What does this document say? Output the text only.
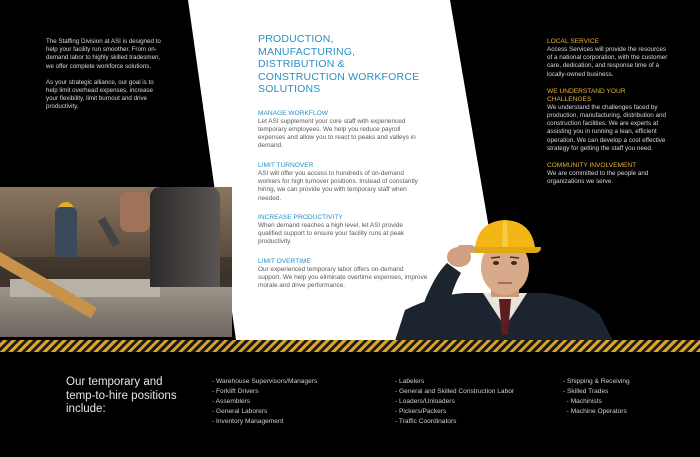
The Staffing Division at ASI is designed to help your facility run smoother. From on-demand labor to highly skilled tradesmen, we offer complete workforce solutions.

As your strategic alliance, our goal is to help limit overhead expenses, increase your flexibility, limit burnout and drive productivity.

PRODUCTION, MANUFACTURING, DISTRIBUTION & CONSTRUCTION WORKFORCE SOLUTIONS

MANAGE WORKFLOW

Let ASI supplement your core staff with experienced temporary employees. We help you reduce payroll expenses and allow you to react to peaks and valleys in demand.

LIMIT TURNOVER

ASI will offer you access to hundreds of on-demand workers for high turnover positions. Instead of constantly hiring, we can provide you with temporary staff when needed.

INCREASE PRODUCTIVITY

When demand reaches a high level, let ASI provide qualified support to ensure your facility runs at peak productivity.

LIMIT OVERTIME

Our experienced temporary labor offers on-demand support. We help you eliminate overtime expenses, improve morale and drive performance.

LOCAL SERVICE

Access Services will provide the resources of a national corporation, with the customer care, dedication, and response time of a locally-owned business.

WE UNDERSTAND YOUR CHALLENGES

We understand the challenges faced by production, manufacturing, distribution and construction facilities. We are experts at assisting you in running a lean, efficient operation. We can develop a cost effective strategy for getting the staff you need.

COMMUNITY INVOLVEMENT

We are committed to the people and organizations we serve.

Our temporary and temp-to-hire positions include:
- Warehouse Supervisors/Managers
- Forklift Drivers
- Assemblers
- General Laborers
- Inventory Management
- Labelers
- General and Skilled Construction Labor
- Loaders/Unloaders
- Pickers/Packers
- Traffic Coordinators
- Shipping & Receiving
- Skilled Trades
- Machinists
- Machine Operators
